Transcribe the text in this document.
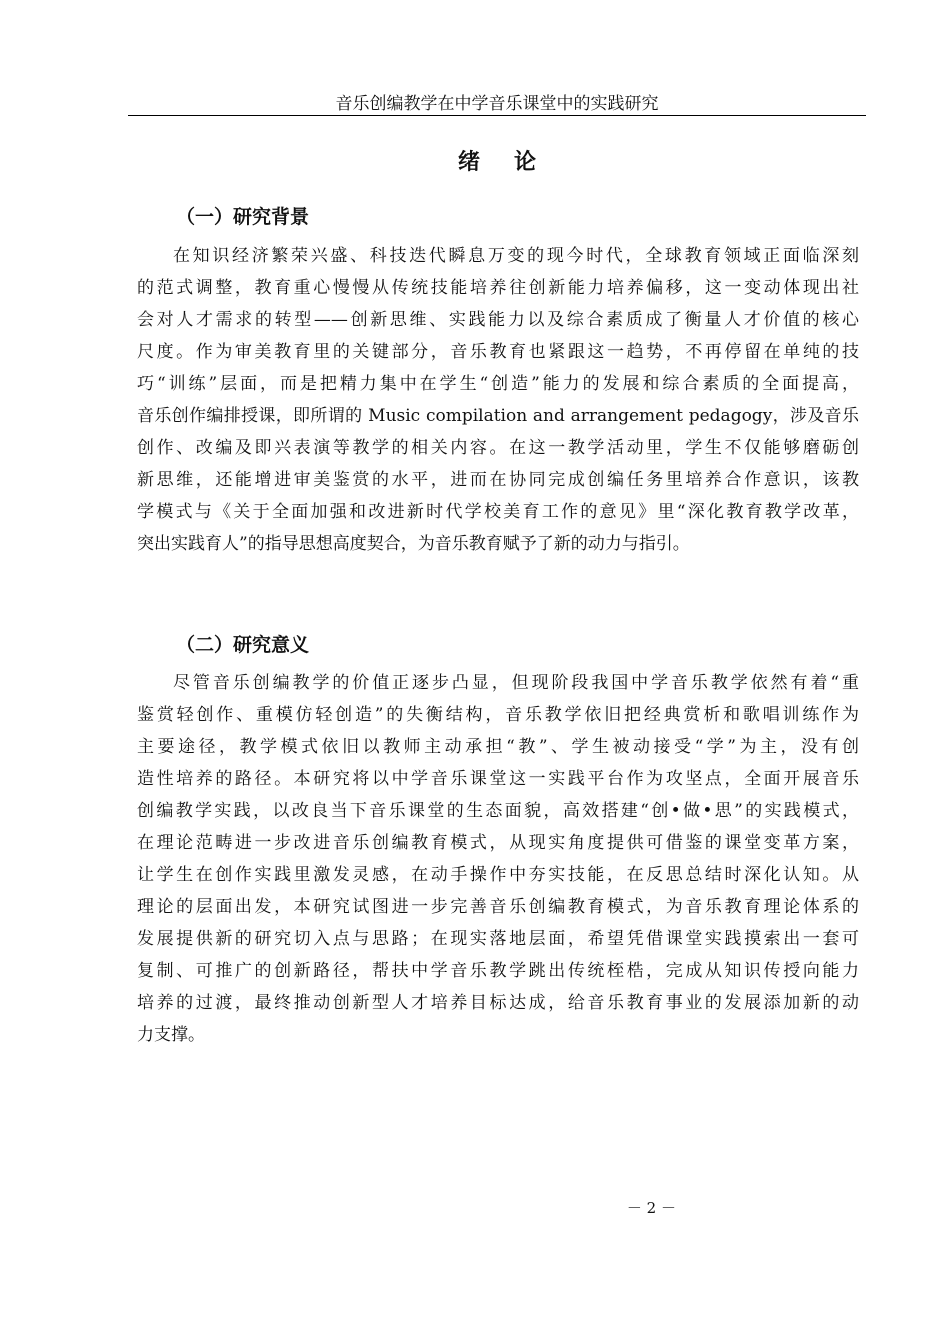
音乐创编教学在中学音乐课堂中的实践研究
绪论
（一）研究背景
在知识经济繁荣兴盛、科技迭代瞬息万变的现今时代，全球教育领域正面临深刻
的范式调整，教育重心慢慢从传统技能培养往创新能力培养偏移，这一变动体现出社
会对人才需求的转型——创新思维、实践能力以及综合素质成了衡量人才价值的核心
尺度。作为审美教育里的关键部分，音乐教育也紧跟这一趋势，不再停留在单纯的技
巧“训练”层面，而是把精力集中在学生“创造”能力的发展和综合素质的全面提高，
音乐创作编排授课，即所谓的 Music compilation and arrangement pedagogy，涉及音乐
创作、改编及即兴表演等教学的相关内容。在这一教学活动里，学生不仅能够磨砺创
新思维，还能增进审美鉴赏的水平，进而在协同完成创编任务里培养合作意识，该教
学模式与《关于全面加强和改进新时代学校美育工作的意见》里“深化教育教学改革，
突出实践育人”的指导思想高度契合，为音乐教育赋予了新的动力与指引。
（二）研究意义
尽管音乐创编教学的价值正逐步凸显，但现阶段我国中学音乐教学依然有着“重
鉴赏轻创作、重模仿轻创造”的失衡结构，音乐教学依旧把经典赏析和歌唱训练作为
主要途径，教学模式依旧以教师主动承担“教”、学生被动接受“学”为主，没有创
造性培养的路径。本研究将以中学音乐课堂这一实践平台作为攻坚点，全面开展音乐
创编教学实践，以改良当下音乐课堂的生态面貌，高效搭建“创•做•思”的实践模式，
在理论范畴进一步改进音乐创编教育模式，从现实角度提供可借鉴的课堂变革方案，
让学生在创作实践里激发灵感，在动手操作中夯实技能，在反思总结时深化认知。从
理论的层面出发，本研究试图进一步完善音乐创编教育模式，为音乐教育理论体系的
发展提供新的研究切入点与思路；在现实落地层面，希望凭借课堂实践摸索出一套可
复制、可推广的创新路径，帮扶中学音乐教学跳出传统桎梏，完成从知识传授向能力
培养的过渡，最终推动创新型人才培养目标达成，给音乐教育事业的发展添加新的动
力支撑。
－ 2 －
